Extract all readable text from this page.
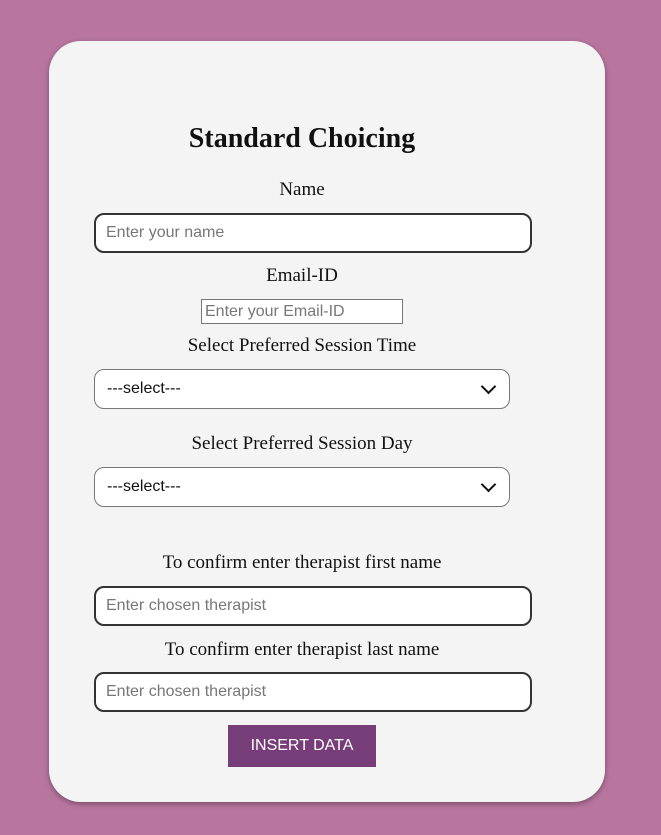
Standard Choicing
Name
Enter your name
Email-ID
Enter your Email-ID
Select Preferred Session Time
---select---
Select Preferred Session Day
---select---
To confirm enter therapist first name
Enter chosen therapist
To confirm enter therapist last name
Enter chosen therapist
INSERT DATA
